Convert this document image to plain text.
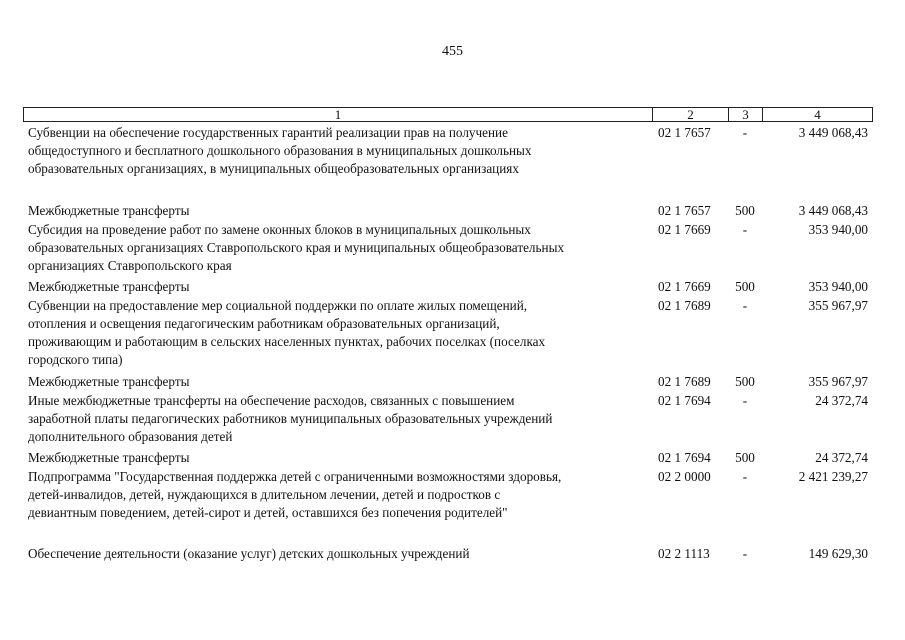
455
1	2	3	4
Субвенции на обеспечение государственных гарантий реализации прав на получение
общедоступного и бесплатного дошкольного образования в муниципальных дошкольных
образовательных организациях, в муниципальных общеобразовательных организациях
02 1 7657	-	3 449 068,43
Межбюджетные трансферты	02 1 7657	500	3 449 068,43
Субсидия на проведение работ по замене оконных блоков в муниципальных дошкольных
образовательных организациях Ставропольского края и муниципальных общеобразовательных
организациях Ставропольского края
02 1 7669	-	353 940,00
Межбюджетные трансферты	02 1 7669	500	353 940,00
Субвенции на предоставление мер социальной поддержки по оплате жилых помещений,
отопления и освещения педагогическим работникам образовательных организаций,
проживающим и работающим в сельских населенных пунктах, рабочих поселках (поселках
городского типа)
02 1 7689	-	355 967,97
Межбюджетные трансферты	02 1 7689	500	355 967,97
Иные межбюджетные трансферты на обеспечение расходов, связанных с повышением
заработной платы педагогических работников муниципальных образовательных учреждений
дополнительного образования детей
02 1 7694	-	24 372,74
Межбюджетные трансферты	02 1 7694	500	24 372,74
Подпрограмма "Государственная поддержка детей с ограниченными возможностями здоровья,
детей-инвалидов, детей, нуждающихся в длительном лечении, детей и подростков с
девиантным поведением, детей-сирот и детей, оставшихся без попечения родителей"
02 2 0000	-	2 421 239,27
Обеспечение деятельности (оказание услуг) детских дошкольных учреждений	02 2 1113	-	149 629,30
